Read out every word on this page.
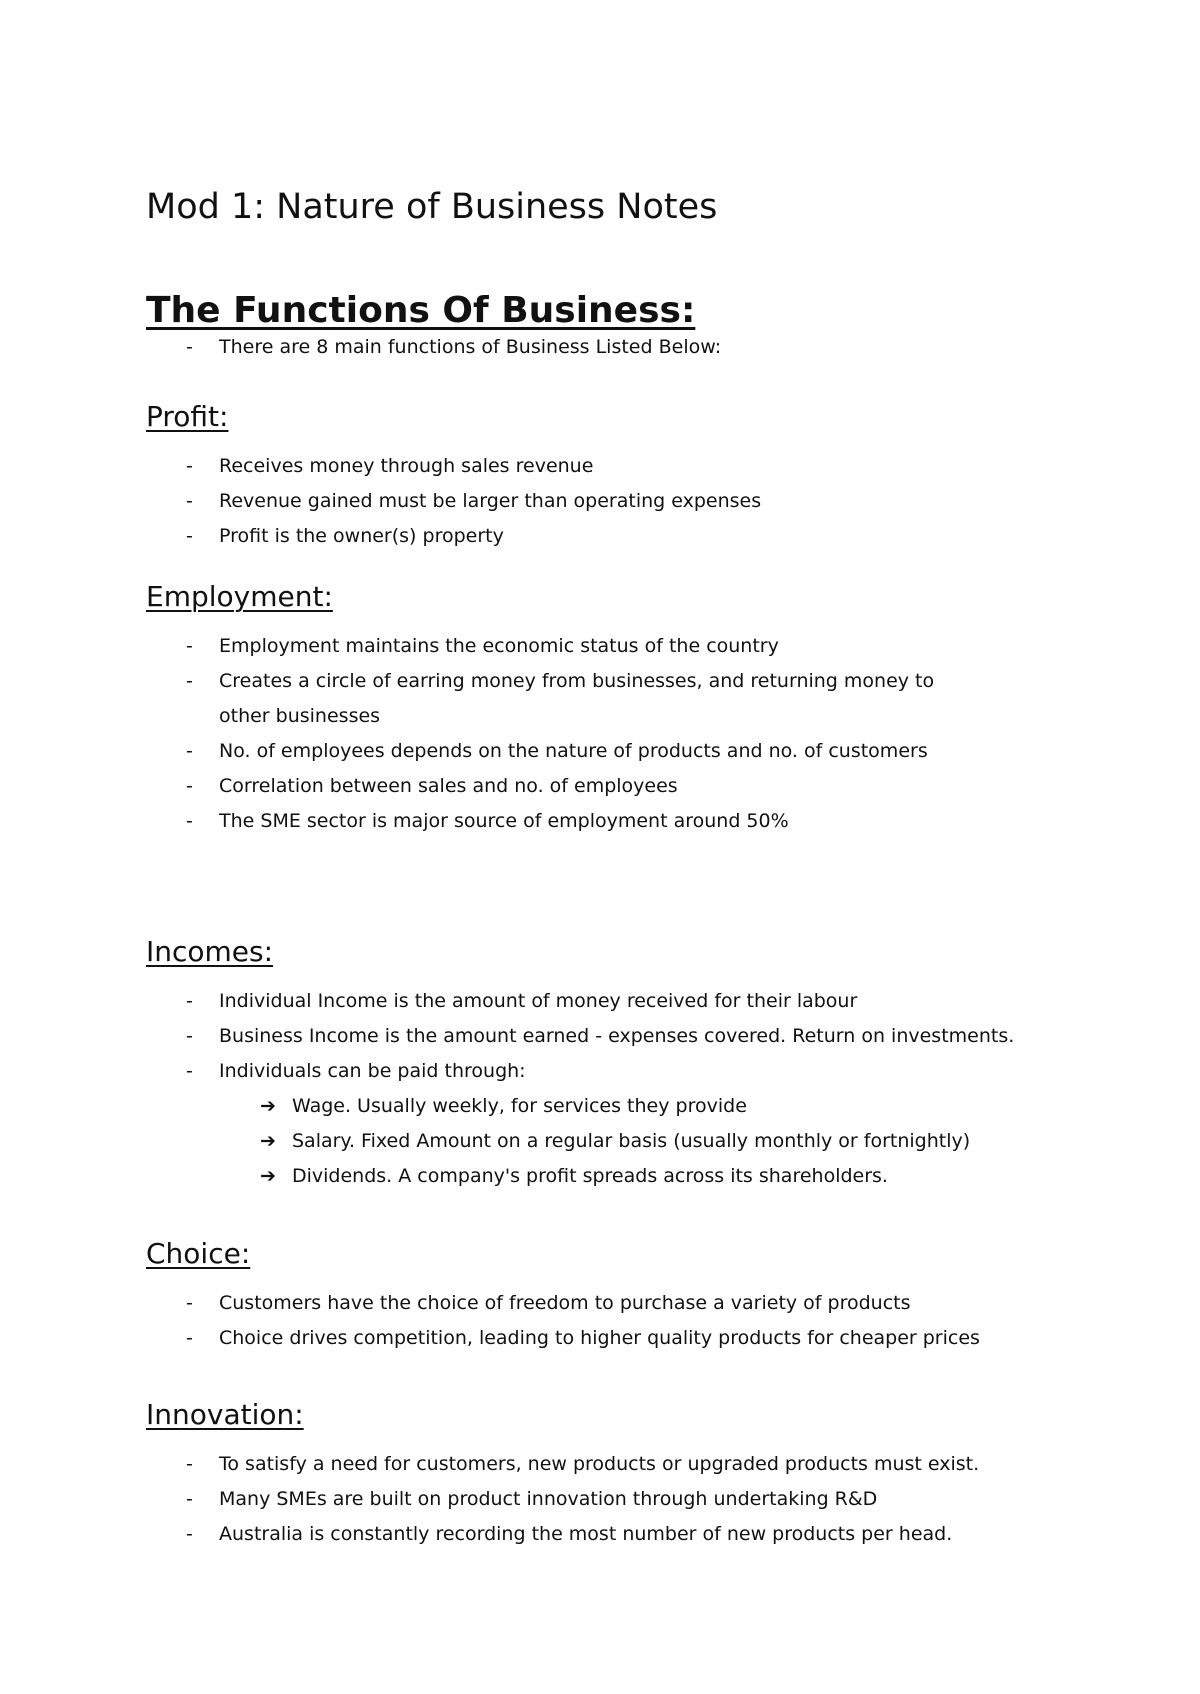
Mod 1: Nature of Business Notes
The Functions Of Business:
- There are 8 main functions of Business Listed Below:
Profit:
- Receives money through sales revenue
- Revenue gained must be larger than operating expenses
- Profit is the owner(s) property
Employment:
- Employment maintains the economic status of the country
- Creates a circle of earring money from businesses, and returning money to other businesses
- No. of employees depends on the nature of products and no. of customers
- Correlation between sales and no. of employees
- The SME sector is major source of employment around 50%
Incomes:
- Individual Income is the amount of money received for their labour
- Business Income is the amount earned - expenses covered. Return on investments.
- Individuals can be paid through:
➔ Wage. Usually weekly, for services they provide
➔ Salary. Fixed Amount on a regular basis (usually monthly or fortnightly)
➔ Dividends. A company's profit spreads across its shareholders.
Choice:
- Customers have the choice of freedom to purchase a variety of products
- Choice drives competition, leading to higher quality products for cheaper prices
Innovation:
- To satisfy a need for customers, new products or upgraded products must exist.
- Many SMEs are built on product innovation through undertaking R&D
- Australia is constantly recording the most number of new products per head.
